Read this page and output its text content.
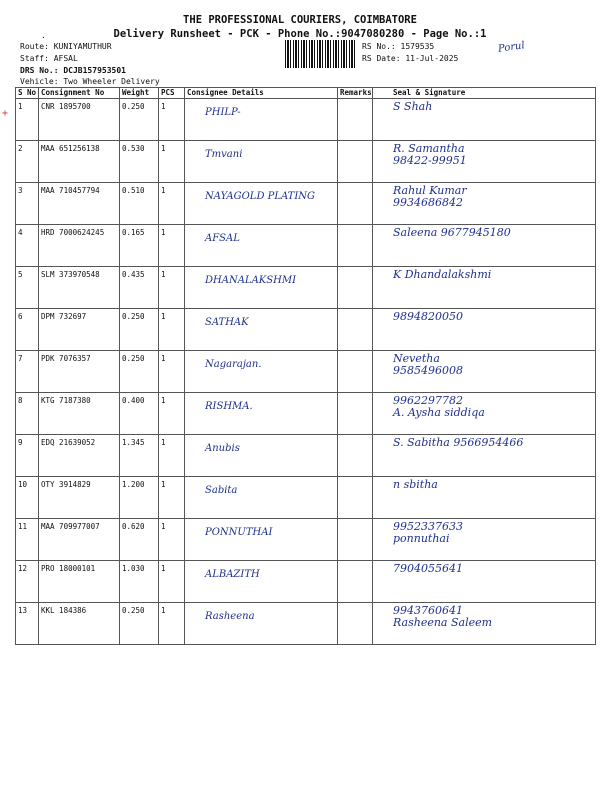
THE PROFESSIONAL COURIERS, COIMBATORE
Delivery Runsheet - PCK - Phone No.:9047080280 - Page No.:1
·
Route: KUNIYAMUTHUR
Staff: AFSAL
DRS No.: DCJB157953501
Vehicle: Two Wheeler Delivery
RS No.: 1579535
RS Date: 11-Jul-2025
Porul
+
S No	Consignment No	Weight	PCS	Consignee Details	Remarks	Seal & Signature
1	CNR 1895700	0.250	1	PHILP-		S Shah

2	MAA 651256138	0.530	1	Tmvani		R. Samantha
98422-99951

3	MAA 710457794	0.510	1	NAYAGOLD PLATING		Rahul Kumar
9934686842

4	HRD 7000624245	0.165	1	AFSAL		Saleena 9677945180

5	SLM 373970548	0.435	1	DHANALAKSHMI		K Dhandalakshmi

6	DPM 732697	0.250	1	SATHAK		9894820050

7	PDK 7076357	0.250	1	Nagarajan.		Nevetha
9585496008

8	KTG 7187380	0.400	1	RISHMA.		9962297782
A. Aysha siddiqa

9	EDQ 21639052	1.345	1	Anubis		S. Sabitha 9566954466

10	OTY 3914829	1.200	1	Sabita		n sbitha

11	MAA 709977007	0.620	1	PONNUTHAI		9952337633
ponnuthai

12	PRO 18000101	1.030	1	ALBAZITH		7904055641

13	KKL 184386	0.250	1	Rasheena		9943760641
Rasheena Saleem
